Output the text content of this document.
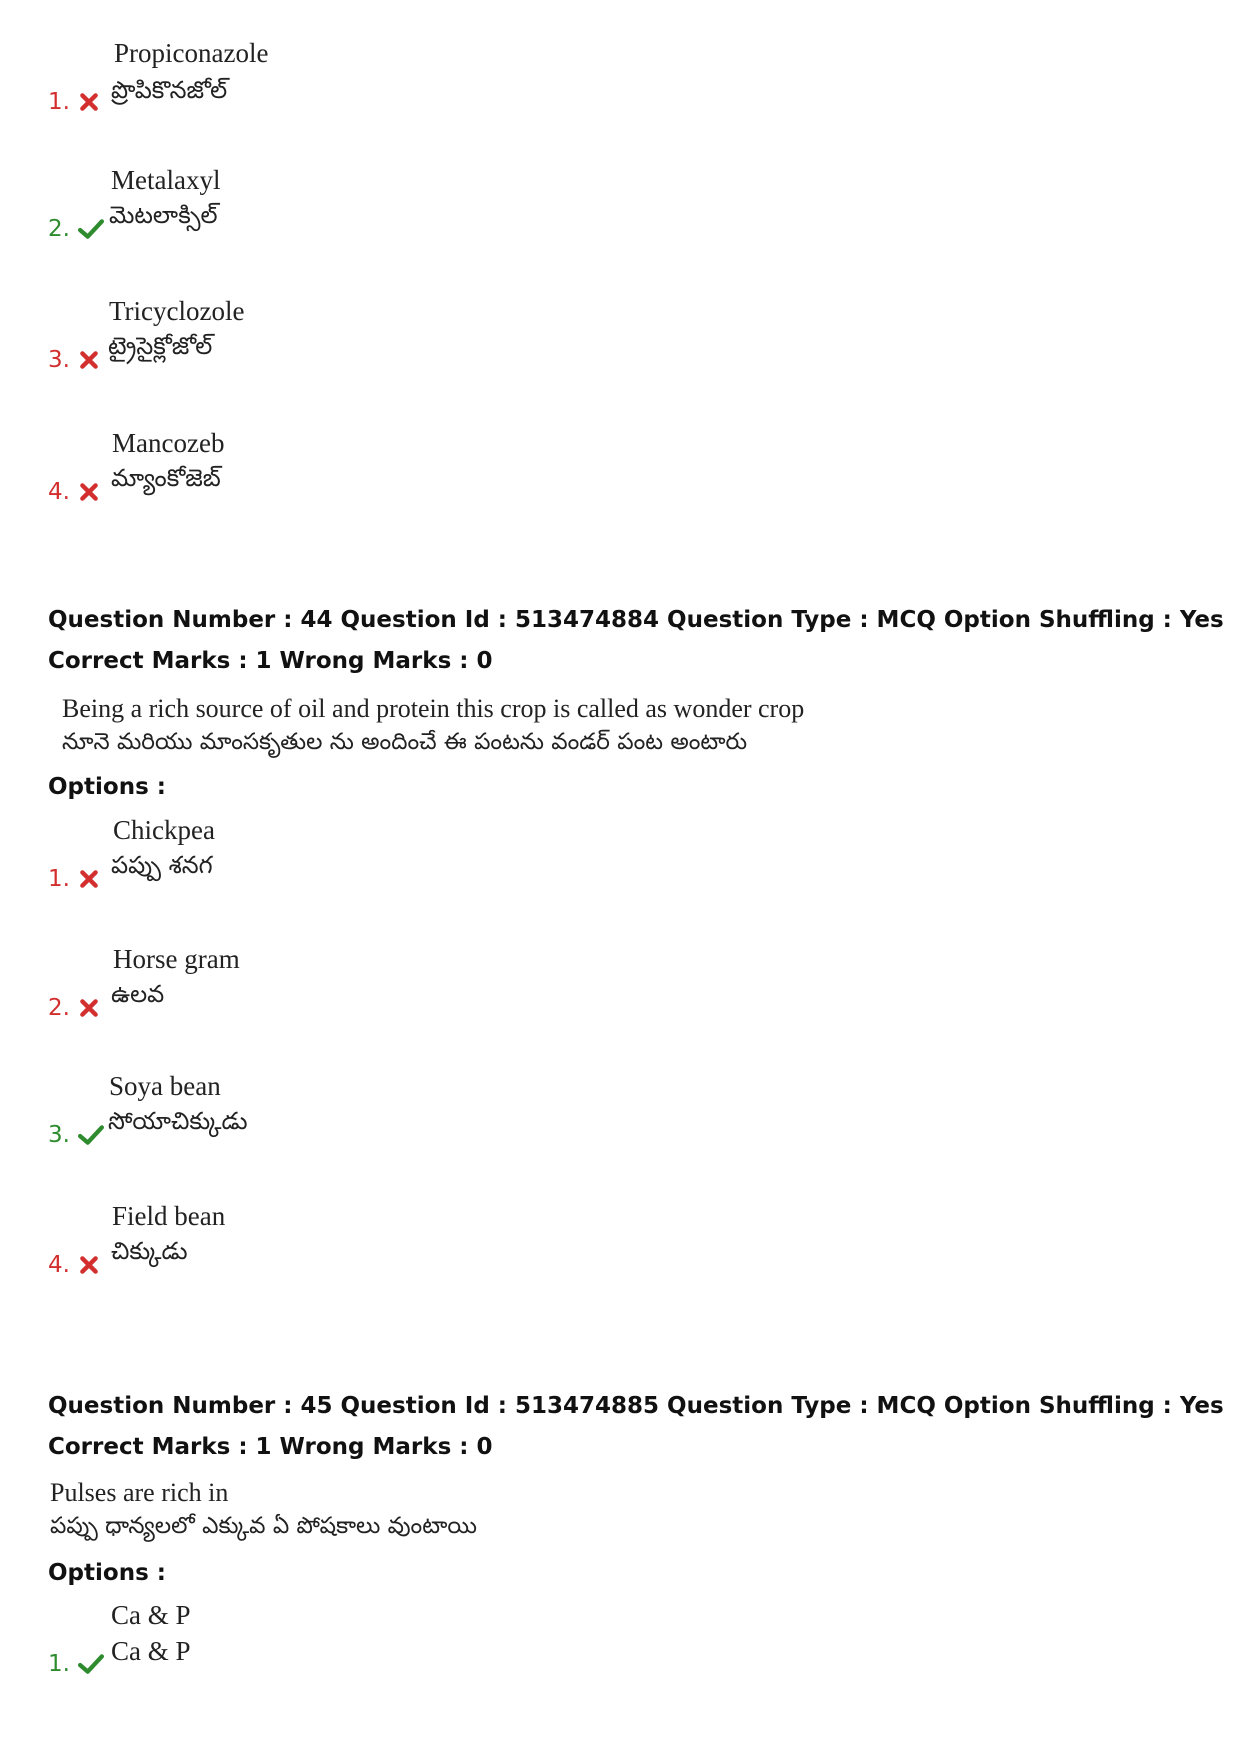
Propiconazole
ప్రొపికొనజోల్
1.
Metalaxyl
మెటలాక్సిల్
2.
Tricyclozole
ట్రైసైక్లోజోల్
3.
Mancozeb
మ్యాంకోజెబ్
4.
Question Number : 44 Question Id : 513474884 Question Type : MCQ Option Shuffling : Yes
Correct Marks : 1 Wrong Marks : 0
Being a rich source of oil and protein this crop is called as wonder crop
నూనె మరియు మాంసకృతుల ను అందించే ఈ పంటను వండర్ పంట అంటారు
Options :
Chickpea
పప్పు శనగ
1.
Horse gram
ఉలవ
2.
Soya bean
సోయాచిక్కుడు
3.
Field bean
చిక్కుడు
4.
Question Number : 45 Question Id : 513474885 Question Type : MCQ Option Shuffling : Yes
Correct Marks : 1 Wrong Marks : 0
Pulses are rich in
పప్పు ధాన్యలలో ఎక్కువ ఏ పోషకాలు వుంటాయి
Options :
Ca & P
Ca & P
1.
